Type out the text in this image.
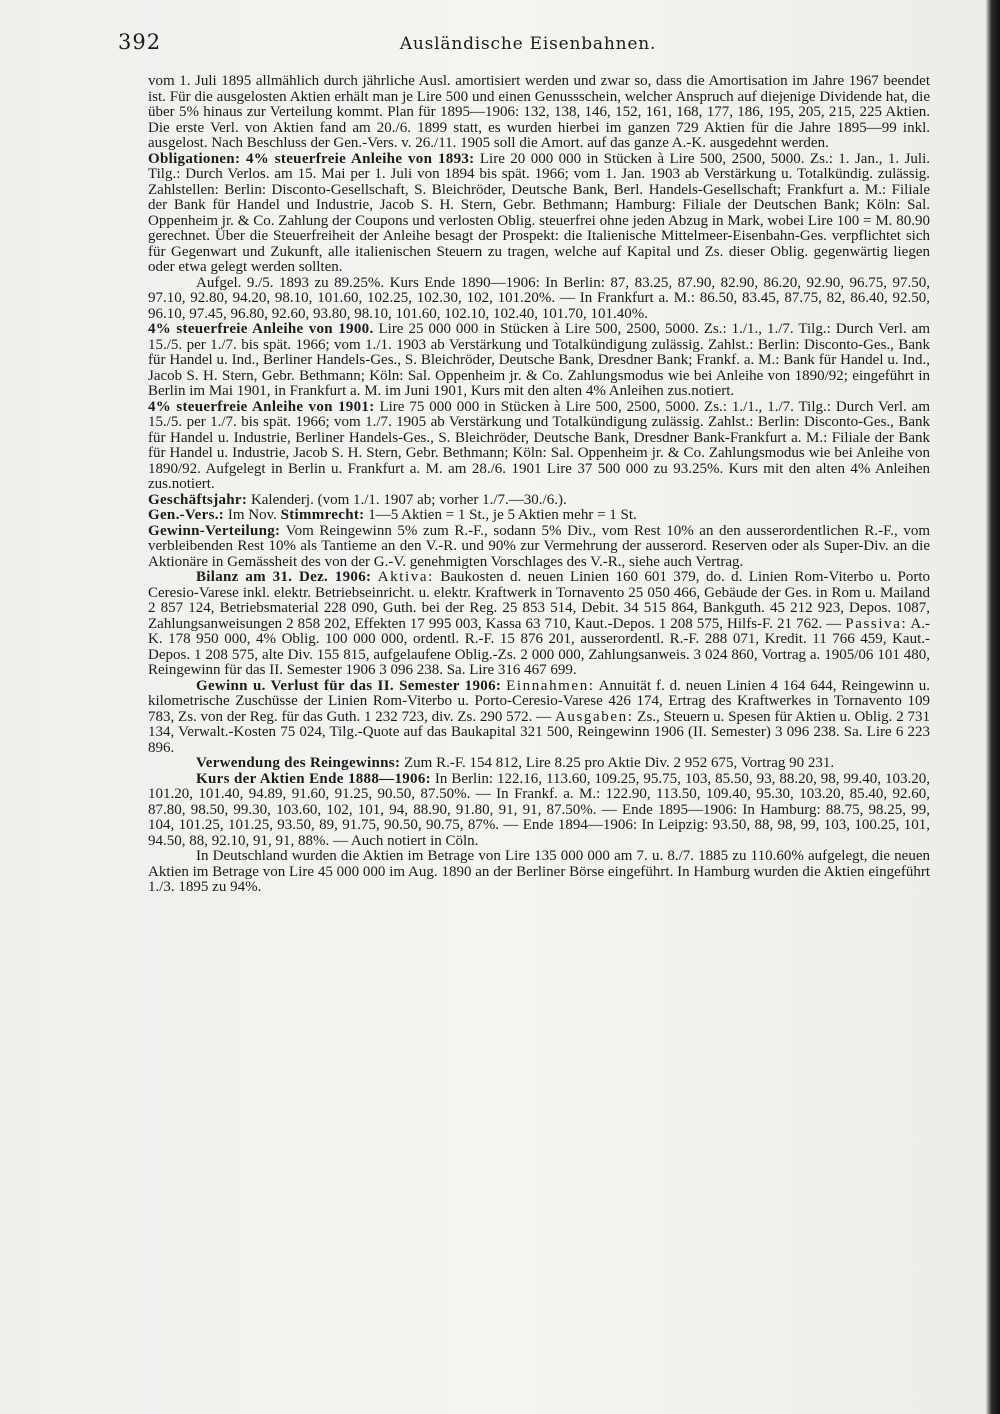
392	Ausländische Eisenbahnen.

vom 1. Juli 1895 allmählich durch jährliche Ausl. amortisiert werden und zwar so, dass die Amortisation im Jahre 1967 beendet ist. Für die ausgelosten Aktien erhält man je Lire 500 und einen Genussschein, welcher Anspruch auf diejenige Dividende hat, die über 5% hinaus zur Verteilung kommt. Plan für 1895—1906: 132, 138, 146, 152, 161, 168, 177, 186, 195, 205, 215, 225 Aktien. Die erste Verl. von Aktien fand am 20./6. 1899 statt, es wurden hierbei im ganzen 729 Aktien für die Jahre 1895—99 inkl. ausgelost. Nach Beschluss der Gen.-Vers. v. 26./11. 1905 soll die Amort. auf das ganze A.-K. ausgedehnt werden.

Obligationen: 4% steuerfreie Anleihe von 1893: Lire 20 000 000 in Stücken à Lire 500, 2500, 5000. Zs.: 1. Jan., 1. Juli. Tilg.: Durch Verlos. am 15. Mai per 1. Juli von 1894 bis spät. 1966; vom 1. Jan. 1903 ab Verstärkung u. Totalkündig. zulässig. Zahlstellen: Berlin: Disconto-Gesellschaft, S. Bleichröder, Deutsche Bank, Berl. Handels-Gesellschaft; Frankfurt a. M.: Filiale der Bank für Handel und Industrie, Jacob S. H. Stern, Gebr. Bethmann; Hamburg: Filiale der Deutschen Bank; Köln: Sal. Oppenheim jr. & Co. Zahlung der Coupons und verlosten Oblig. steuerfrei ohne jeden Abzug in Mark, wobei Lire 100 = M. 80.90 gerechnet. Über die Steuerfreiheit der Anleihe besagt der Prospekt: die Italienische Mittelmeer-Eisenbahn-Ges. verpflichtet sich für Gegenwart und Zukunft, alle italienischen Steuern zu tragen, welche auf Kapital und Zs. dieser Oblig. gegenwärtig liegen oder etwa gelegt werden sollten.

Aufgel. 9./5. 1893 zu 89.25%. Kurs Ende 1890—1906: In Berlin: 87, 83.25, 87.90, 82.90, 86.20, 92.90, 96.75, 97.50, 97.10, 92.80, 94.20, 98.10, 101.60, 102.25, 102.30, 102, 101.20%. — In Frankfurt a. M.: 86.50, 83.45, 87.75, 82, 86.40, 92.50, 96.10, 97.45, 96.80, 92.60, 93.80, 98.10, 101.60, 102.10, 102.40, 101.70, 101.40%.

4% steuerfreie Anleihe von 1900. Lire 25 000 000 in Stücken à Lire 500, 2500, 5000. Zs.: 1./1., 1./7. Tilg.: Durch Verl. am 15./5. per 1./7. bis spät. 1966; vom 1./1. 1903 ab Verstärkung und Totalkündigung zulässig. Zahlst.: Berlin: Disconto-Ges., Bank für Handel u. Ind., Berliner Handels-Ges., S. Bleichröder, Deutsche Bank, Dresdner Bank; Frankf. a. M.: Bank für Handel u. Ind., Jacob S. H. Stern, Gebr. Bethmann; Köln: Sal. Oppenheim jr. & Co. Zahlungsmodus wie bei Anleihe von 1890/92; eingeführt in Berlin im Mai 1901, in Frankfurt a. M. im Juni 1901, Kurs mit den alten 4% Anleihen zus.notiert.

4% steuerfreie Anleihe von 1901: Lire 75 000 000 in Stücken à Lire 500, 2500, 5000. Zs.: 1./1., 1./7. Tilg.: Durch Verl. am 15./5. per 1./7. bis spät. 1966; vom 1./7. 1905 ab Verstärkung und Totalkündigung zulässig. Zahlst.: Berlin: Disconto-Ges., Bank für Handel u. Industrie, Berliner Handels-Ges., S. Bleichröder, Deutsche Bank, Dresdner Bank-Frankfurt a. M.: Filiale der Bank für Handel u. Industrie, Jacob S. H. Stern, Gebr. Bethmann; Köln: Sal. Oppenheim jr. & Co. Zahlungsmodus wie bei Anleihe von 1890/92. Aufgelegt in Berlin u. Frankfurt a. M. am 28./6. 1901 Lire 37 500 000 zu 93.25%. Kurs mit den alten 4% Anleihen zus.notiert.

Geschäftsjahr: Kalenderj. (vom 1./1. 1907 ab; vorher 1./7.—30./6.).

Gen.-Vers.: Im Nov. Stimmrecht: 1—5 Aktien = 1 St., je 5 Aktien mehr = 1 St.

Gewinn-Verteilung: Vom Reingewinn 5% zum R.-F., sodann 5% Div., vom Rest 10% an den ausserordentlichen R.-F., vom verbleibenden Rest 10% als Tantieme an den V.-R. und 90% zur Vermehrung der ausserord. Reserven oder als Super-Div. an die Aktionäre in Gemässheit des von der G.-V. genehmigten Vorschlages des V.-R., siehe auch Vertrag.

Bilanz am 31. Dez. 1906: Aktiva: Baukosten d. neuen Linien 160 601 379, do. d. Linien Rom-Viterbo u. Porto Ceresio-Varese inkl. elektr. Betriebseinricht. u. elektr. Kraftwerk in Tornavento 25 050 466, Gebäude der Ges. in Rom u. Mailand 2 857 124, Betriebsmaterial 228 090, Guth. bei der Reg. 25 853 514, Debit. 34 515 864, Bankguth. 45 212 923, Depos. 1087, Zahlungsanweisungen 2 858 202, Effekten 17 995 003, Kassa 63 710, Kaut.-Depos. 1 208 575, Hilfs-F. 21 762. — Passiva: A.-K. 178 950 000, 4% Oblig. 100 000 000, ordentl. R.-F. 15 876 201, ausserordentl. R.-F. 288 071, Kredit. 11 766 459, Kaut.-Depos. 1 208 575, alte Div. 155 815, aufgelaufene Oblig.-Zs. 2 000 000, Zahlungsanweis. 3 024 860, Vortrag a. 1905/06 101 480, Reingewinn für das II. Semester 1906 3 096 238. Sa. Lire 316 467 699.

Gewinn u. Verlust für das II. Semester 1906: Einnahmen: Annuität f. d. neuen Linien 4 164 644, Reingewinn u. kilometrische Zuschüsse der Linien Rom-Viterbo u. Porto-Ceresio-Varese 426 174, Ertrag des Kraftwerkes in Tornavento 109 783, Zs. von der Reg. für das Guth. 1 232 723, div. Zs. 290 572. — Ausgaben: Zs., Steuern u. Spesen für Aktien u. Oblig. 2 731 134, Verwalt.-Kosten 75 024, Tilg.-Quote auf das Baukapital 321 500, Reingewinn 1906 (II. Semester) 3 096 238. Sa. Lire 6 223 896.

Verwendung des Reingewinns: Zum R.-F. 154 812, Lire 8.25 pro Aktie Div. 2 952 675, Vortrag 90 231.

Kurs der Aktien Ende 1888—1906: In Berlin: 122.16, 113.60, 109.25, 95.75, 103, 85.50, 93, 88.20, 98, 99.40, 103.20, 101.20, 101.40, 94.89, 91.60, 91.25, 90.50, 87.50%. — In Frankf. a. M.: 122.90, 113.50, 109.40, 95.30, 103.20, 85.40, 92.60, 87.80, 98.50, 99.30, 103.60, 102, 101, 94, 88.90, 91.80, 91, 91, 87.50%. — Ende 1895—1906: In Hamburg: 88.75, 98.25, 99, 104, 101.25, 101.25, 93.50, 89, 91.75, 90.50, 90.75, 87%. — Ende 1894—1906: In Leipzig: 93.50, 88, 98, 99, 103, 100.25, 101, 94.50, 88, 92.10, 91, 91, 88%. — Auch notiert in Cöln.

In Deutschland wurden die Aktien im Betrage von Lire 135 000 000 am 7. u. 8./7. 1885 zu 110.60% aufgelegt, die neuen Aktien im Betrage von Lire 45 000 000 im Aug. 1890 an der Berliner Börse eingeführt. In Hamburg wurden die Aktien eingeführt 1./3. 1895 zu 94%.
